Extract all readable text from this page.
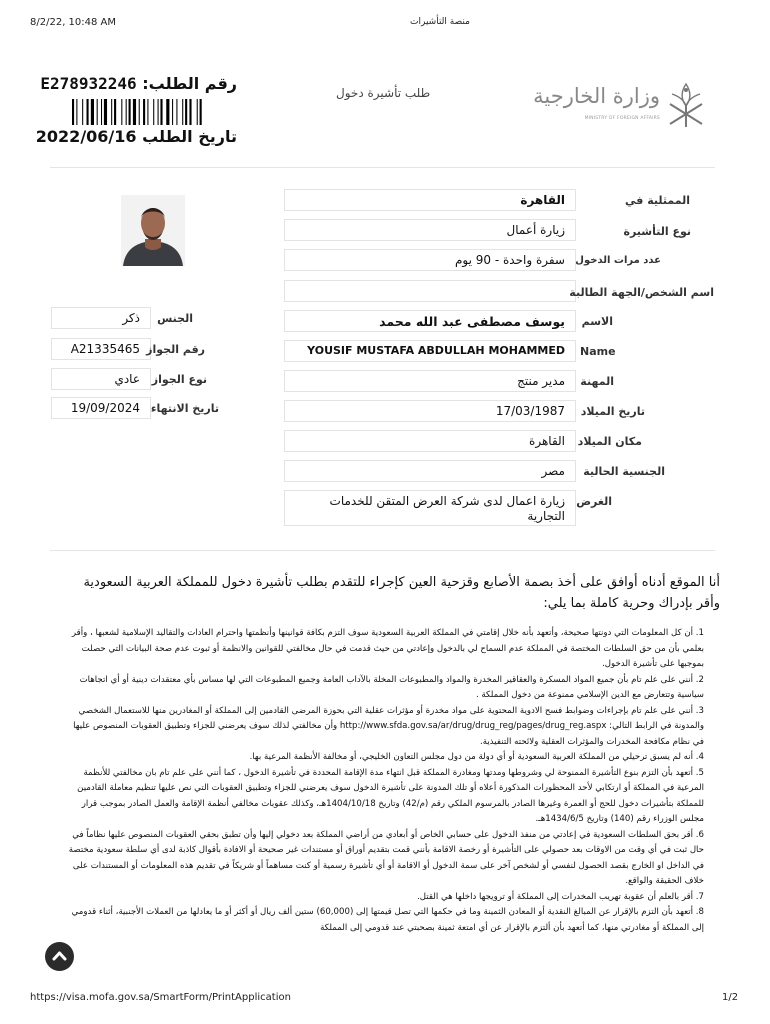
8/2/22, 10:48 AM	منصة التأشيرات
رقم الطلب: E278932246
تاريخ الطلب 2022/06/16
طلب تأشيرة دخول	وزارة الخارجية
MINISTRY OF FOREIGN AFFAIRS
القاهرة	الممثلية في
زيارة أعمال	نوع التأشيرة
سفرة واحدة - 90 يوم	عدد مرات الدخول
اسم الشخص/الجهة الطالبة
يوسف مصطفى عبد الله محمد	الاسم
YOUSIF MUSTAFA ABDULLAH MOHAMMED	Name
مدير منتج	المهنة
17/03/1987	تاريخ الميلاد
القاهرة	مكان الميلاد
مصر	الجنسية الحالية
زيارة اعمال لدى شركة العرض المتقن للخدمات التجارية
الغرض
ذكر	الجنس
A21335465 رقم الجواز
عادي	نوع الجواز
19/09/2024 تاريخ الانتهاء
أنا الموقع أدناه أوافق على أخذ بصمة الأصابع وقزحية العين كإجراء للتقدم بطلب تأشيرة دخول للمملكة العربية السعودية وأقر بإدراك وحرية كاملة بما يلي:
1. أن كل المعلومات التي دونتها صحيحة، وأتعهد بأنه خلال إقامتي في المملكة العربية السعودية سوف التزم بكافة قوانينها وأنظمتها واحترام العادات والتقاليد الإسلامية لشعبها ، وأقر بعلمي بأن من حق السلطات المختصة في المملكة عدم السماح لي بالدخول وإعادتي من حيث قدمت في حال مخالفتي للقوانين والانظمة أو ثبوت عدم صحة البيانات التي حصلت بموجبها على تأشيرة الدخول.
2. أنني على علم تام بأن جميع المواد المسكرة والعقاقير المخدرة والمواد والمطبوعات المخلة بالآداب العامة وجميع المطبوعات التي لها مساس بأي معتقدات دينية أو أي اتجاهات سياسية وتتعارض مع الدين الإسلامي ممنوعة من دخول المملكة .
3. أنني على علم تام بإجراءات وضوابط فسح الادوية المحتوية على مواد مخدرة أو مؤثرات عقلية التي بحوزة المرضى القادمين إلى المملكة أو المغادرين منها للاستعمال الشخصي والمدونة في الرابط التالي: http://www.sfda.gov.sa/ar/drug/drug_reg/pages/drug_reg.aspx وأن مخالفتي لذلك سوف يعرضني للجزاء وتطبيق العقوبات المنصوص عليها في نظام مكافحة المخدرات والمؤثرات العقلية ولائحته التنفيذية.
4. أنه لم يسبق ترحيلي من المملكة العربية السعودية أو أي دولة من دول مجلس التعاون الخليجي، أو مخالفة الأنظمة المرعية بها.
5. أتعهد بأن التزم بنوع التأشيرة الممنوحة لي وشروطها ومدتها ومغادرة المملكة قبل انتهاء مدة الإقامة المحددة في تأشيرة الدخول ، كما أنني على علم تام بان مخالفتي للأنظمة المرعية في المملكة أو ارتكابي لأحد المحظورات المذكورة أعلاه أو تلك المدونة على تأشيرة الدخول سوف يعرضني للجزاء وتطبيق العقوبات التي نص عليها تنظيم معاملة القادمين للمملكة بتأشيرات دخول للحج أو العمرة وغيرها الصادر بالمرسوم الملكي رقم (م/42) وتاريخ 1404/10/18هـ، وكذلك عقوبات مخالفي أنظمة الإقامة والعمل الصادر بموجب قرار مجلس الوزراء رقم (140) وتاريخ 1434/6/5هـ.
6. أقر بحق السلطات السعودية في إعادتي من منفذ الدخول على حسابي الخاص أو أبعادي من أراضي المملكة بعد دخولي إليها وأن تطبق بحقي العقوبات المنصوص عليها نظاماً في حال ثبت في أي وقت من الاوقات بعد حصولي على التأشيرة أو رخصة الاقامة بأنني قمت بتقديم أوراق أو مستندات غير صحيحة أو الافادة بأقوال كاذبة لدى أي سلطة سعودية مختصة في الداخل او الخارج بقصد الحصول لنفسي أو لشخص آخر على سمة الدخول أو الاقامة أو أي تأشيرة رسمية أو كنت مساهماً أو شريكاً في تقديم هذه المعلومات أو المستندات على خلاف الحقيقة والواقع.
7. أقر بالعلم أن عقوبة تهريب المخدرات إلى المملكة أو ترويجها داخلها هي القتل.
8. أتعهد بأن التزم بالإقرار عن المبالغ النقدية أو المعادن الثمينة وما في حكمها التي تصل قيمتها إلى (60,000) ستين ألف ريال أو أكثر أو ما يعادلها من العملات الأجنبية، أثناء قدومي إلى المملكة أو مغادرتي منها، كما أتعهد بأن ألتزم بالإقرار عن أي امتعة ثمينة بصحبتي عند قدومي إلى المملكة
https://visa.mofa.gov.sa/SmartForm/PrintApplication	1/2
